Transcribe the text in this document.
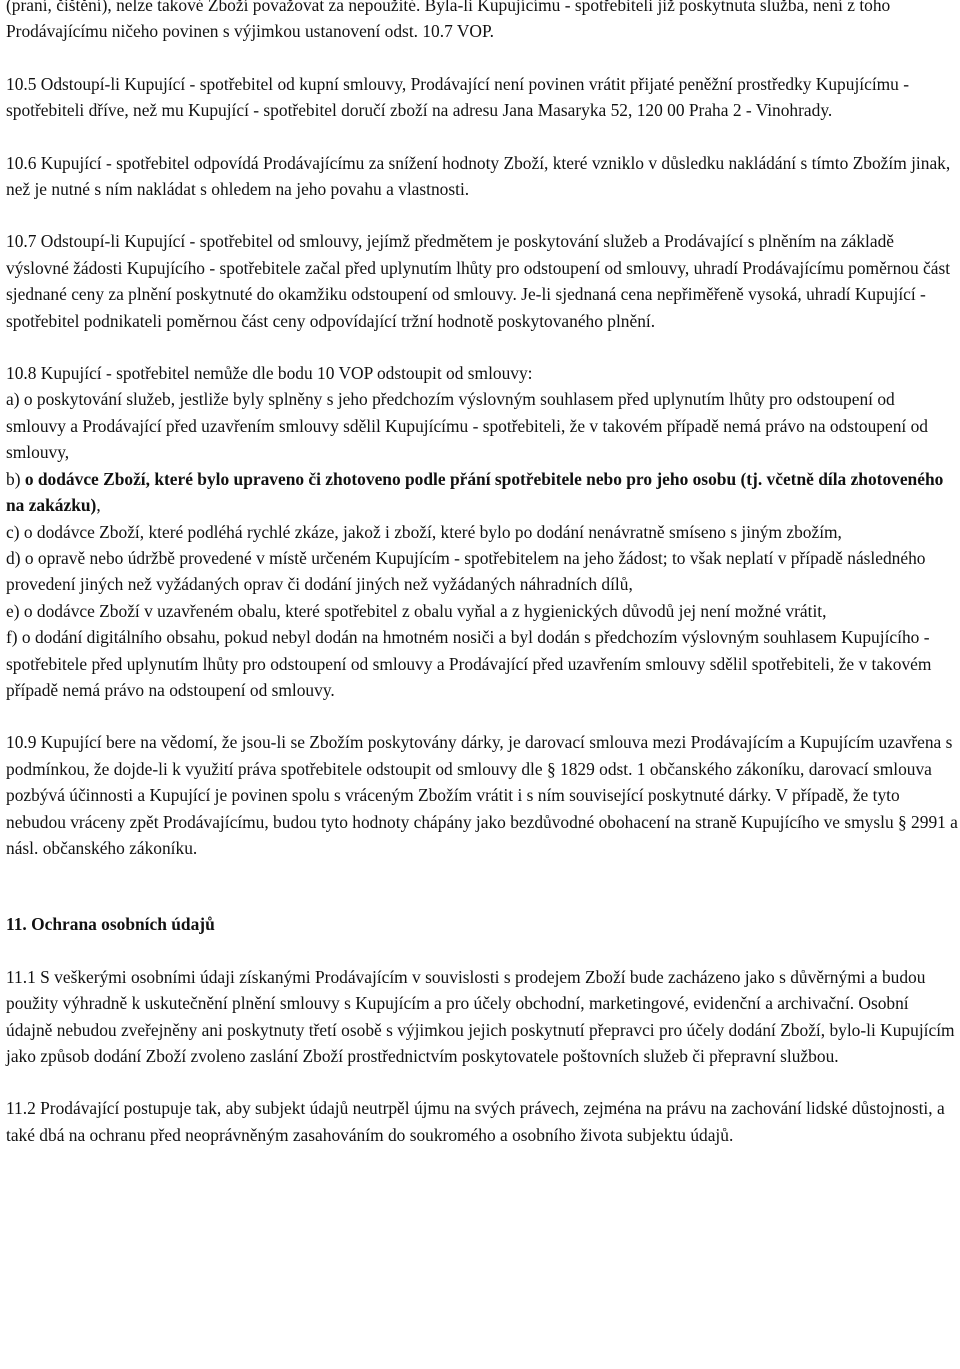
(praní, čištění), nelze takové Zboží považovat za nepoužité. Byla-li Kupujícímu - spotřebiteli již poskytnuta služba, není z toho Prodávajícímu ničeho povinen s výjimkou ustanovení odst. 10.7 VOP.

10.5 Odstoupí-li Kupující - spotřebitel od kupní smlouvy, Prodávající není povinen vrátit přijaté peněžní prostředky Kupujícímu - spotřebiteli dříve, než mu Kupující - spotřebitel doručí zboží na adresu Jana Masaryka 52, 120 00 Praha 2 - Vinohrady.

10.6 Kupující - spotřebitel odpovídá Prodávajícímu za snížení hodnoty Zboží, které vzniklo v důsledku nakládání s tímto Zbožím jinak, než je nutné s ním nakládat s ohledem na jeho povahu a vlastnosti.

10.7 Odstoupí-li Kupující - spotřebitel od smlouvy, jejímž předmětem je poskytování služeb a Prodávající s plněním na základě výslovné žádosti Kupujícího - spotřebitele začal před uplynutím lhůty pro odstoupení od smlouvy, uhradí Prodávajícímu poměrnou část sjednané ceny za plnění poskytnuté do okamžiku odstoupení od smlouvy. Je-li sjednaná cena nepřiměřeně vysoká, uhradí Kupující - spotřebitel podnikateli poměrnou část ceny odpovídající tržní hodnotě poskytovaného plnění.

10.8 Kupující - spotřebitel nemůže dle bodu 10 VOP odstoupit od smlouvy:

a) o poskytování služeb, jestliže byly splněny s jeho předchozím výslovným souhlasem před uplynutím lhůty pro odstoupení od smlouvy a Prodávající před uzavřením smlouvy sdělil Kupujícímu - spotřebiteli, že v takovém případě nemá právo na odstoupení od smlouvy,

b) o dodávce Zboží, které bylo upraveno či zhotoveno podle přání spotřebitele nebo pro jeho osobu (tj. včetně díla zhotoveného na zakázku),

c) o dodávce Zboží, které podléhá rychlé zkáze, jakož i zboží, které bylo po dodání nenávratně smíseno s jiným zbožím,

d) o opravě nebo údržbě provedené v místě určeném Kupujícím - spotřebitelem na jeho žádost; to však neplatí v případě následného provedení jiných než vyžádaných oprav či dodání jiných než vyžádaných náhradních dílů,

e) o dodávce Zboží v uzavřeném obalu, které spotřebitel z obalu vyňal a z hygienických důvodů jej není možné vrátit,

f) o dodání digitálního obsahu, pokud nebyl dodán na hmotném nosiči a byl dodán s předchozím výslovným souhlasem Kupujícího - spotřebitele před uplynutím lhůty pro odstoupení od smlouvy a Prodávající před uzavřením smlouvy sdělil spotřebiteli, že v takovém případě nemá právo na odstoupení od smlouvy.

10.9 Kupující bere na vědomí, že jsou-li se Zbožím poskytovány dárky, je darovací smlouva mezi Prodávajícím a Kupujícím uzavřena s podmínkou, že dojde-li k využití práva spotřebitele odstoupit od smlouvy dle § 1829 odst. 1 občanského zákoníku, darovací smlouva pozbývá účinnosti a Kupující je povinen spolu s vráceným Zbožím vrátit i s ním související poskytnuté dárky. V případě, že tyto nebudou vráceny zpět Prodávajícímu, budou tyto hodnoty chápány jako bezdůvodné obohacení na straně Kupujícího ve smyslu § 2991 a násl. občanského zákoníku.

11. Ochrana osobních údajů

11.1 S veškerými osobními údaji získanými Prodávajícím v souvislosti s prodejem Zboží bude zacházeno jako s důvěrnými a budou použity výhradně k uskutečnění plnění smlouvy s Kupujícím a pro účely obchodní, marketingové, evidenční a archivační. Osobní údajně nebudou zveřejněny ani poskytnuty třetí osobě s výjimkou jejich poskytnutí přepravci pro účely dodání Zboží, bylo-li Kupujícím jako způsob dodání Zboží zvoleno zaslání Zboží prostřednictvím poskytovatele poštovních služeb či přepravní službou.

11.2 Prodávající postupuje tak, aby subjekt údajů neutrpěl újmu na svých právech, zejména na právu na zachování lidské důstojnosti, a také dbá na ochranu před neoprávněným zasahováním do soukromého a osobního života subjektu údajů.
